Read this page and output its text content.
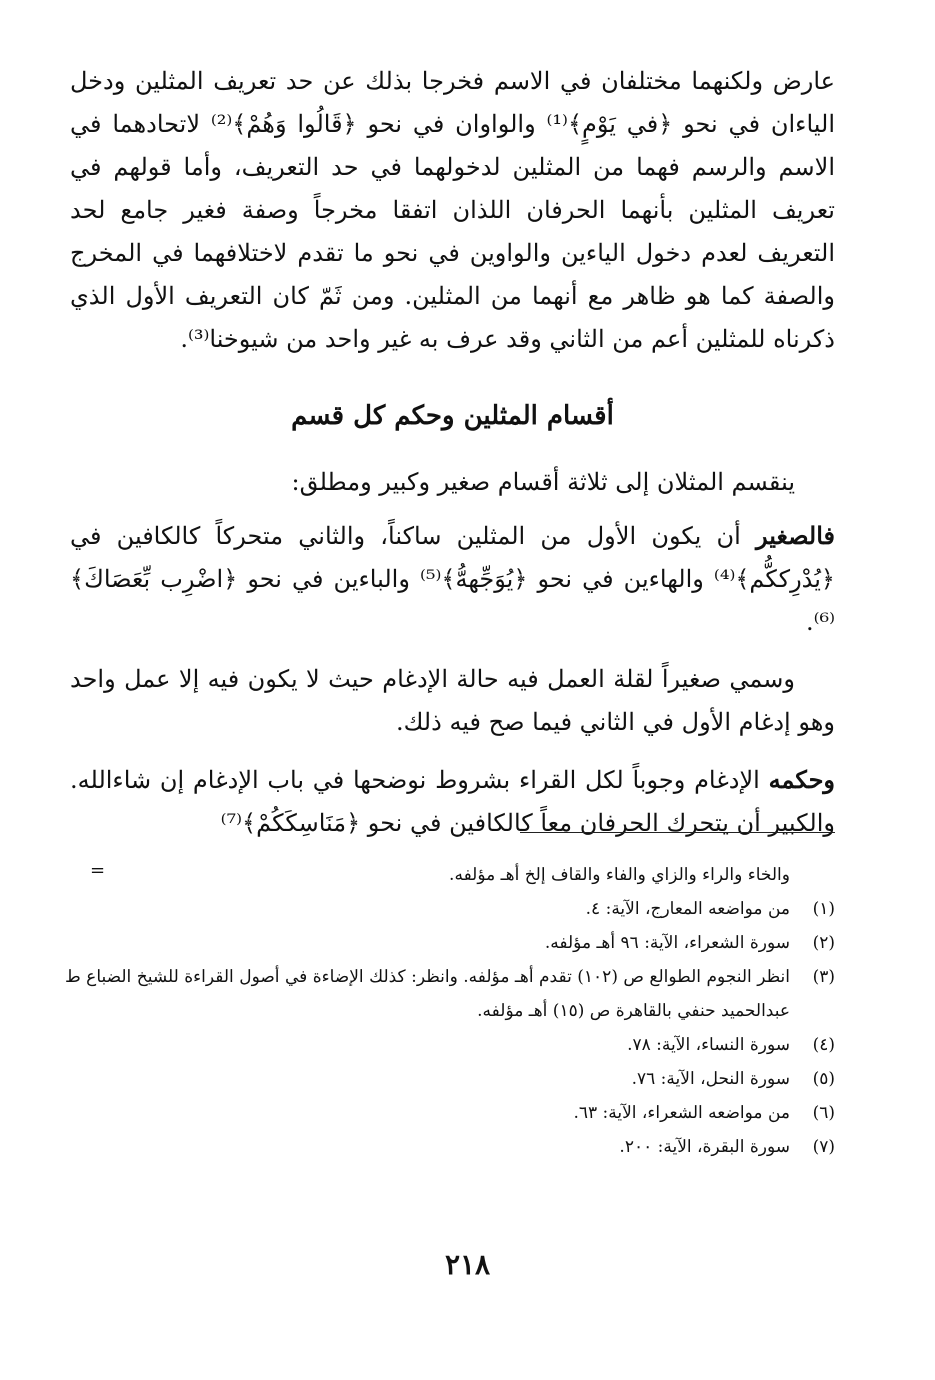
عارض ولكنهما مختلفان في الاسم فخرجا بذلك عن حد تعريف المثلين ودخل الياءان في نحو ﴿في يَوْمٍ﴾⁽¹⁾ والواوان في نحو ﴿قَالُوا وَهُمْ﴾⁽²⁾ لاتحادهما في الاسم والرسم فهما من المثلين لدخولهما في حد التعريف، وأما قولهم في تعريف المثلين بأنهما الحرفان اللذان اتفقا مخرجاً وصفة فغير جامع لحد التعريف لعدم دخول الياءين والواوين في نحو ما تقدم لاختلافهما في المخرج والصفة كما هو ظاهر مع أنهما من المثلين. ومن ثَمّ كان التعريف الأول الذي ذكرناه للمثلين أعم من الثاني وقد عرف به غير واحد من شيوخنا⁽³⁾.

أقسام المثلين وحكم كل قسم

ينقسم المثلان إلى ثلاثة أقسام صغير وكبير ومطلق:

فالصغير أن يكون الأول من المثلين ساكناً، والثاني متحركاً كالكافين في ﴿يُدْرِككُّم﴾⁽⁴⁾ والهاءين في نحو ﴿يُوَجِّههُّ﴾⁽⁵⁾ والباءين في نحو ﴿اضْرِب بِّعَصَاكَ﴾⁽⁶⁾.

وسمي صغيراً لقلة العمل فيه حالة الإدغام حيث لا يكون فيه إلا عمل واحد وهو إدغام الأول في الثاني فيما صح فيه ذلك.

وحكمه الإدغام وجوباً لكل القراء بشروط نوضحها في باب الإدغام إن شاءالله. والكبير أن يتحرك الحرفان معاً كالكافين في نحو ﴿مَنَاسِكَكُمْ﴾⁽⁷⁾

=	والخاء والراء والزاي والفاء والقاف إلخ أهـ مؤلفه.
(١)
من مواضعه المعارج، الآية: ٤.
(٢)
سورة الشعراء، الآية: ٩٦ أهـ مؤلفه.
(٣)
انظر النجوم الطوالع ص (١٠٢) تقدم أهـ مؤلفه. وانظر: كذلك الإضاءة في أصول القراءة للشيخ الضباع ط عبدالحميد حنفي بالقاهرة ص (١٥) أهـ مؤلفه.
(٤)
سورة النساء، الآية: ٧٨.
(٥)
سورة النحل، الآية: ٧٦.
(٦)
من مواضعه الشعراء، الآية: ٦٣.
(٧)
سورة البقرة، الآية: ٢٠٠.
٢١٨
